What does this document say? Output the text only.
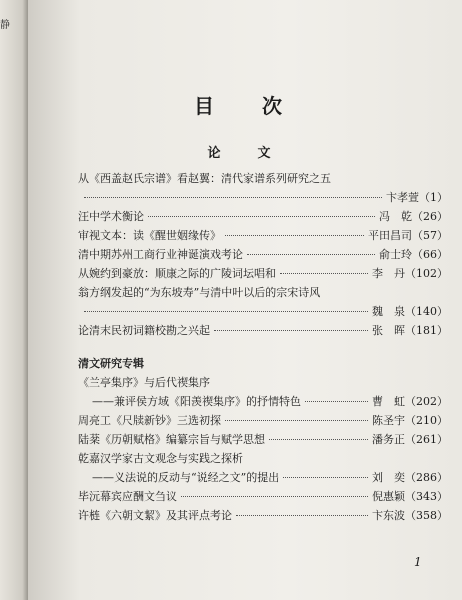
静
目　次
论　文
从《西盖赵氏宗谱》看赵翼：清代家谱系列研究之五
卞孝萱（1）
汪中学术衡论	冯　乾（26）
审视文本：读《醒世姻缘传》	平田昌司（57）
清中期苏州工商行业神诞演戏考论	俞士玲（66）
从婉约到豪放：顺康之际的广陵词坛唱和	李　丹（102）
翁方纲发起的“为东坡寿”与清中叶以后的宗宋诗风
魏　泉（140）
论清末民初词籍校勘之兴起	张　晖（181）
清文研究专辑
《兰亭集序》与后代禊集序
——兼评侯方域《阳羡禊集序》的抒情特色	曹　虹（202）
周亮工《尺牍新钞》三选初探	陈圣宇（210）
陆棻《历朝赋格》编纂宗旨与赋学思想	潘务正（261）
乾嘉汉学家古文观念与实践之探析
——义法说的反动与“说经之文”的提出	刘　奕（286）
毕沅幕宾应酬文刍议	倪惠颖（343）
许梿《六朝文絜》及其评点考论	卞东波（358）
1
